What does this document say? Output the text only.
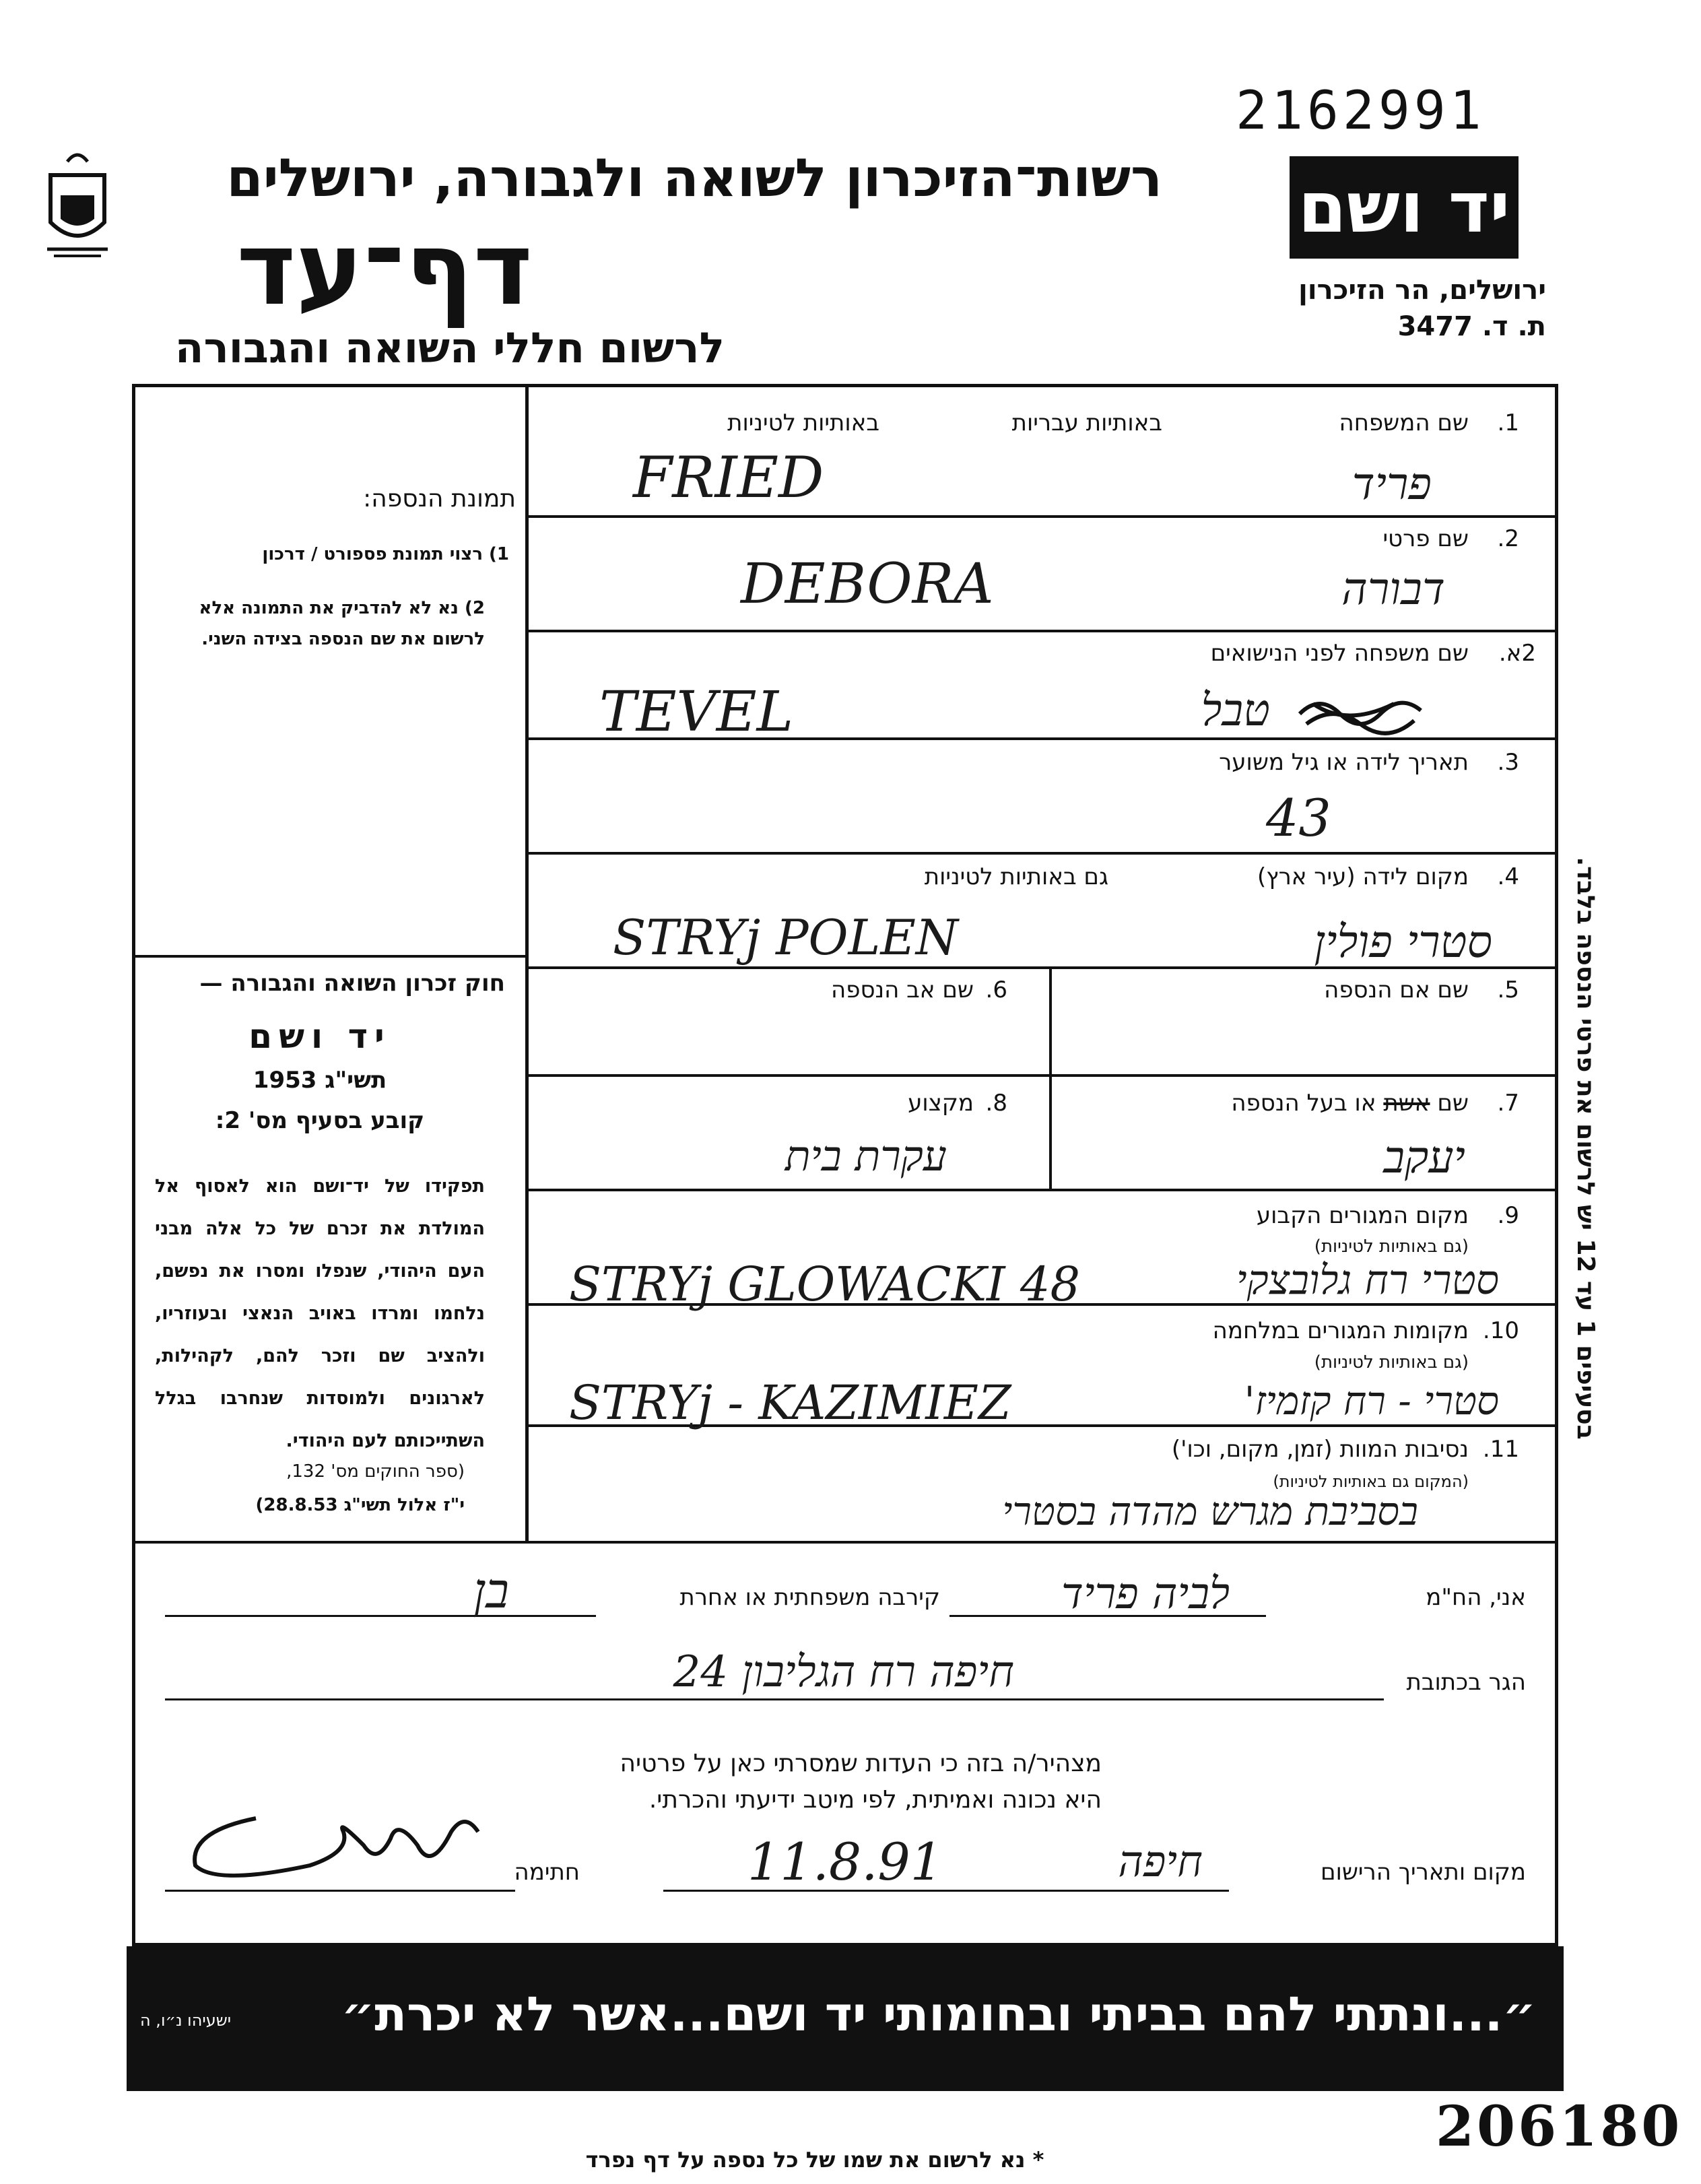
2162991
רשות־הזיכרון לשואה ולגבורה, ירושלים
דף־עד
לרשום חללי השואה והגבורה
יד ושם
ירושלים, הר הזיכרון
ת. ד. 3477
תמונת הנספה:
1) רצוי תמונת פספורט / דרכון
2) נא לא להדביק את התמונה אלא לרשום את שם הנספה בצידה השני.
חוק זכרון השואה והגבורה —
יד ושם
תשי"ג 1953
קובע בסעיף מס' 2:
תפקידו של יד־ושם הוא לאסוף אל המולדת את זכרם של כל אלה מבני העם היהודי, שנפלו ומסרו את נפשם, נלחמו ומרדו באויב הנאצי ובעוזריו, ולהציב שם וזכר להם, לקהילות, לארגונים ולמוסדות שנחרבו בגלל השתייכותם לעם היהודי.
(ספר החוקים מס' 132,
י"ז אלול תשי"ג 28.8.53)
1.
שם המשפחה
באותיות עבריות
באותיות לטיניות
FRIED	פריד
2.
שם פרטי
DEBORA	דבורה
2א.
שם משפחה לפני הנישואים
TEVEL	טבל
3.
תאריך לידה או גיל משוער
43
4.
מקום לידה (עיר ארץ)
גם באותיות לטיניות
STRYj POLEN	סטרי פולין
5.
שם אם הנספה
6.
שם אב הנספה
7.
שם אשת או בעל הנספה
יעקב
8.
מקצוע
עקרת בית
9.
מקום המגורים הקבוע
(גם באותיות לטיניות)
STRYj GLOWACKI 48	סטרי רח גלובצקי
10.
מקומות המגורים במלחמה
(גם באותיות לטיניות)
STRYj - KAZIMIEZ	סטרי - רח קזמיז'
11.
נסיבות המוות (זמן, מקום, וכו')
(המקום גם באותיות לטיניות)
בסביבת מגרש מהדה בסטרי
אני, הח"מ
לביה פריד
קירבה משפחתית או אחרת
בן
הגר בכתובת
חיפה רח הגליבון 24
מצהיר/ה בזה כי העדות שמסרתי כאן על פרטיה
היא נכונה ואמיתית, לפי מיטב ידיעתי והכרתי.
מקום ותאריך הרישום
חיפה
11.8.91
חתימה
בסעיפים 1 עד 12 יש לרשום את פרטי הנספה בלבד.
״...ונתתי להם בביתי ובחומותי יד ושם...אשר לא יכרת״
ישעיהו נ״ו, ה
206180
* נא לרשום את שמו של כל נספה על דף נפרד
